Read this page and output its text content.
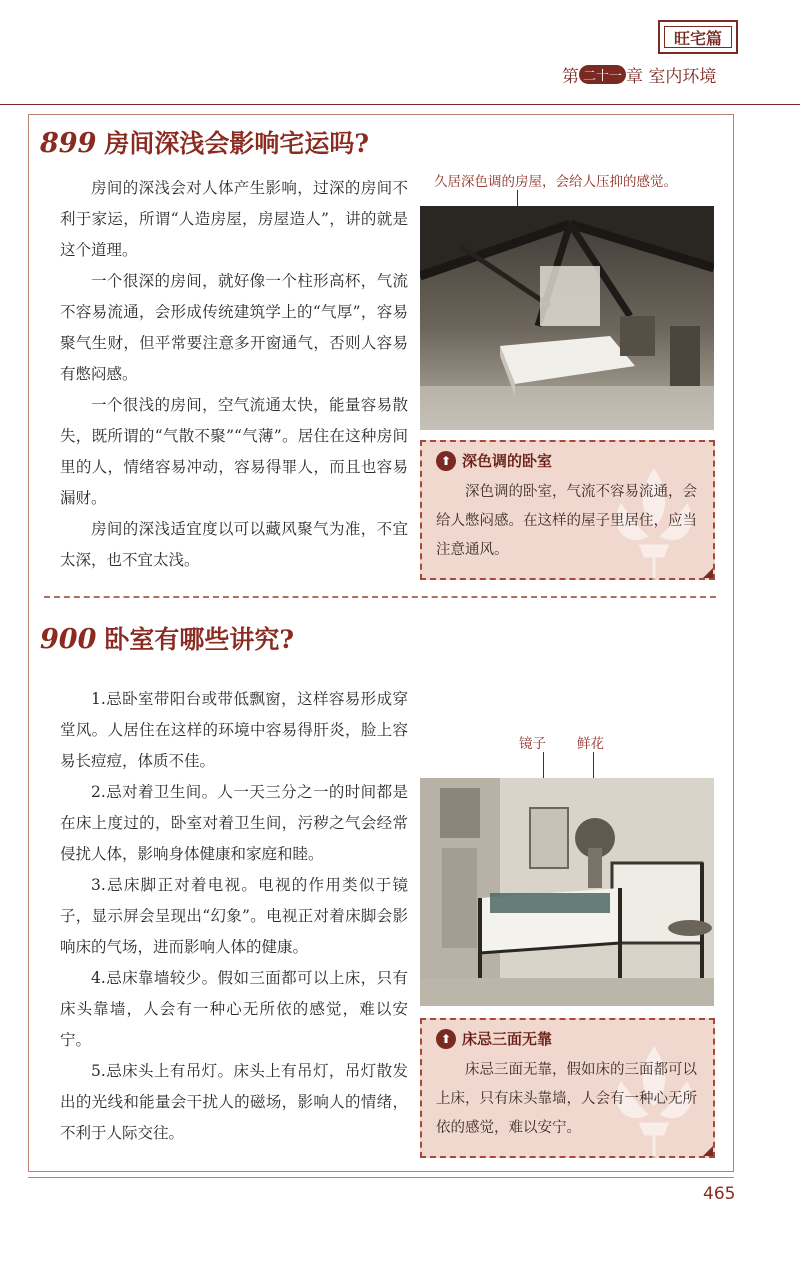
旺宅篇
第 二十一 章 室内环境
899 房间深浅会影响宅运吗?

房间的深浅会对人体产生影响，过深的房间不利于家运，所谓“人造房屋，房屋造人”，讲的就是这个道理。

一个很深的房间，就好像一个柱形高杯，气流不容易流通，会形成传统建筑学上的“气厚”，容易聚气生财，但平常要注意多开窗通气，否则人容易有憋闷感。

一个很浅的房间，空气流通太快，能量容易散失，既所谓的“气散不聚”“气薄”。居住在这种房间里的人，情绪容易冲动，容易得罪人，而且也容易漏财。

房间的深浅适宜度以可以藏风聚气为准，不宜太深，也不宜太浅。

久居深色调的房屋，会给人压抑的感觉。
⬆ 深色调的卧室
深色调的卧室，气流不容易流通，会给人憋闷感。在这样的屋子里居住，应当注意通风。
900 卧室有哪些讲究?

1.忌卧室带阳台或带低飘窗，这样容易形成穿堂风。人居住在这样的环境中容易得肝炎，脸上容易长痘痘，体质不佳。

2.忌对着卫生间。人一天三分之一的时间都是在床上度过的，卧室对着卫生间，污秽之气会经常侵扰人体，影响身体健康和家庭和睦。

3.忌床脚正对着电视。电视的作用类似于镜子，显示屏会呈现出“幻象”。电视正对着床脚会影响床的气场，进而影响人体的健康。

4.忌床靠墙较少。假如三面都可以上床，只有床头靠墙，人会有一种心无所依的感觉，难以安宁。

5.忌床头上有吊灯。床头上有吊灯，吊灯散发出的光线和能量会干扰人的磁场，影响人的情绪，不利于人际交往。

镜子 鲜花
⬆ 床忌三面无靠
床忌三面无靠，假如床的三面都可以上床，只有床头靠墙，人会有一种心无所依的感觉，难以安宁。
465
